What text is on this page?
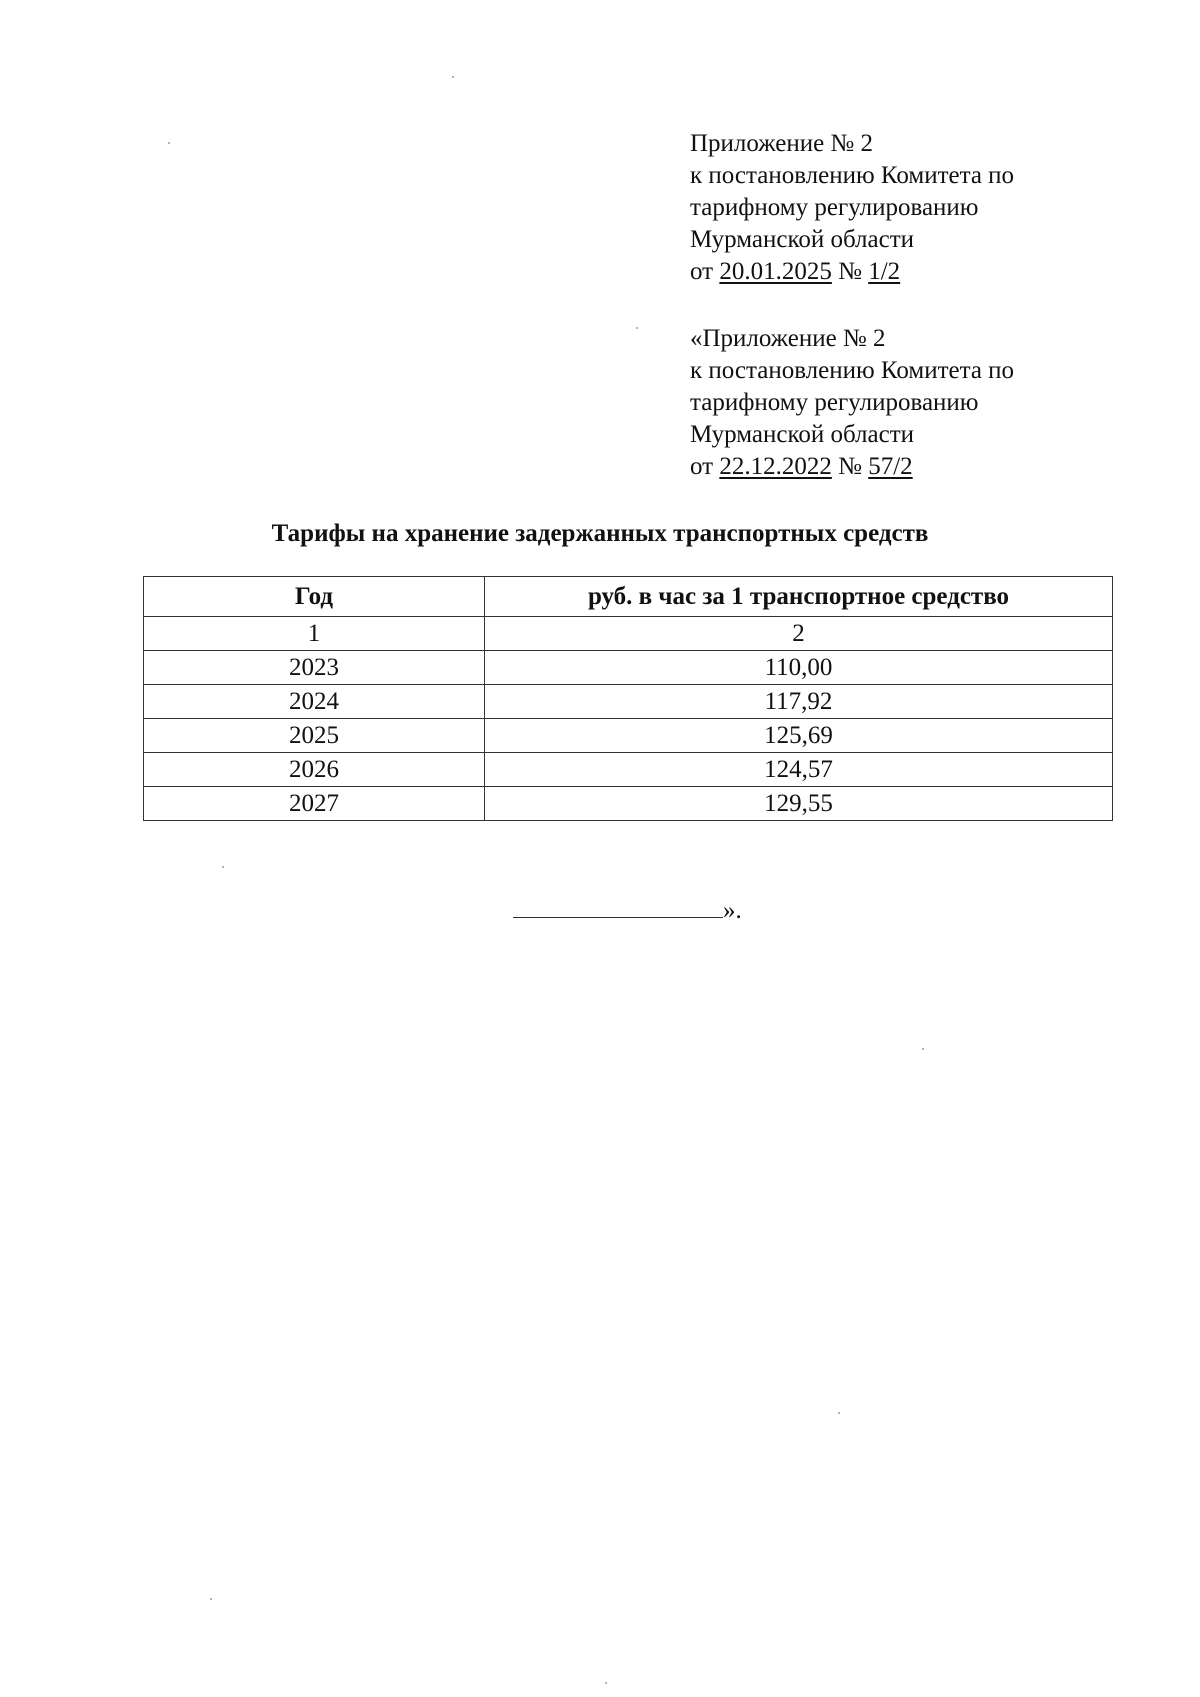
Приложение № 2
к постановлению Комитета по
тарифному регулированию
Мурманской области
от 20.01.2025 № 1/2
«Приложение № 2
к постановлению Комитета по
тарифному регулированию
Мурманской области
от 22.12.2022 № 57/2
Тарифы на хранение задержанных транспортных средств
Год	руб. в час за 1 транспортное средство
1	2
2023	110,00
2024	117,92
2025	125,69
2026	124,57
2027	129,55
».
